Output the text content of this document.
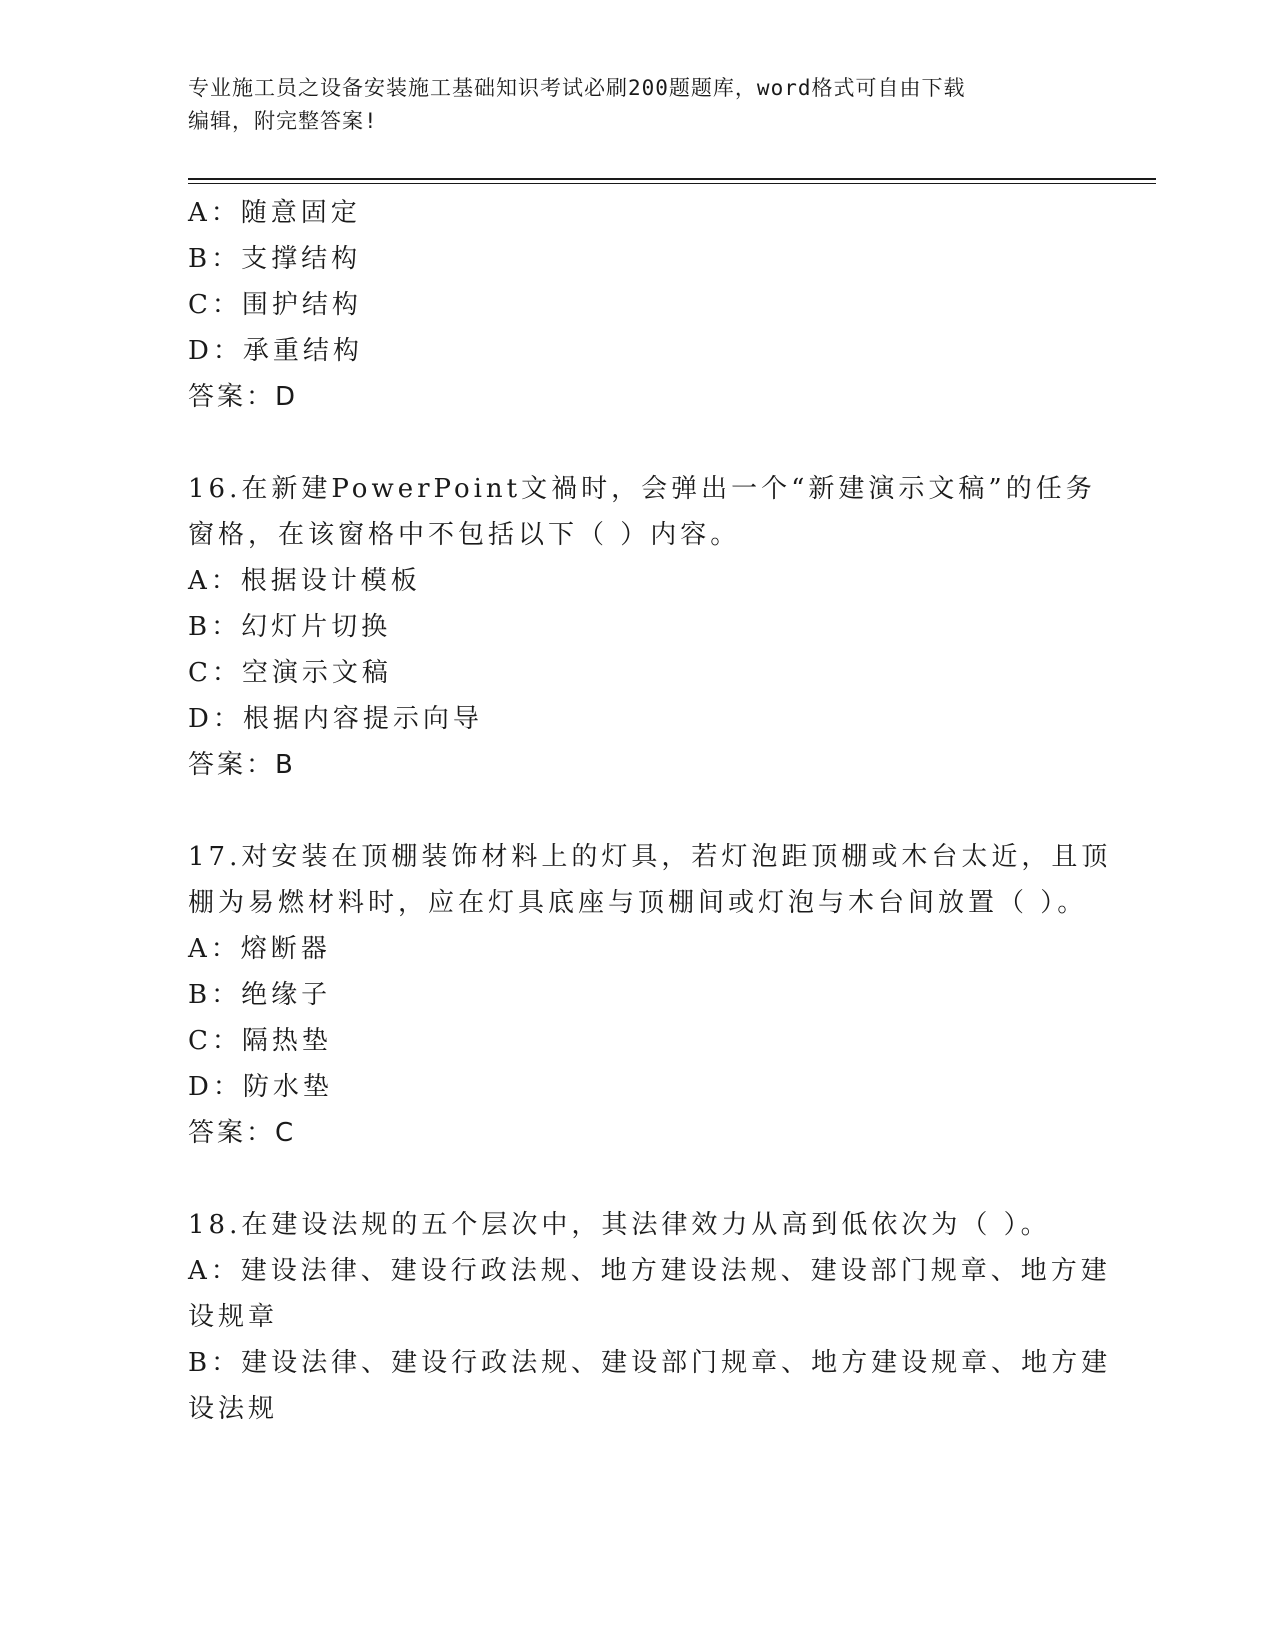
专业施工员之设备安装施工基础知识考试必刷200题题库，word格式可自由下载
编辑，附完整答案!
A：随意固定
B：支撑结构
C：围护结构
D：承重结构
答案：D
16.在新建PowerPoint文禍时，会弹出一个“新建演示文稿”的任务
窗格，在该窗格中不包括以下（ ）内容。
A：根据设计模板
B：幻灯片切换
C：空演示文稿
D：根据内容提示向导
答案：B
17.对安装在顶棚装饰材料上的灯具，若灯泡距顶棚或木台太近，且顶
棚为易燃材料时，应在灯具底座与顶棚间或灯泡与木台间放置（ ）。
A：熔断器
B：绝缘子
C：隔热垫
D：防水垫
答案：C
18.在建设法规的五个层次中，其法律效力从高到低依次为（ ）。
A：建设法律、建设行政法规、地方建设法规、建设部门规章、地方建
设规章
B：建设法律、建设行政法规、建设部门规章、地方建设规章、地方建
设法规
